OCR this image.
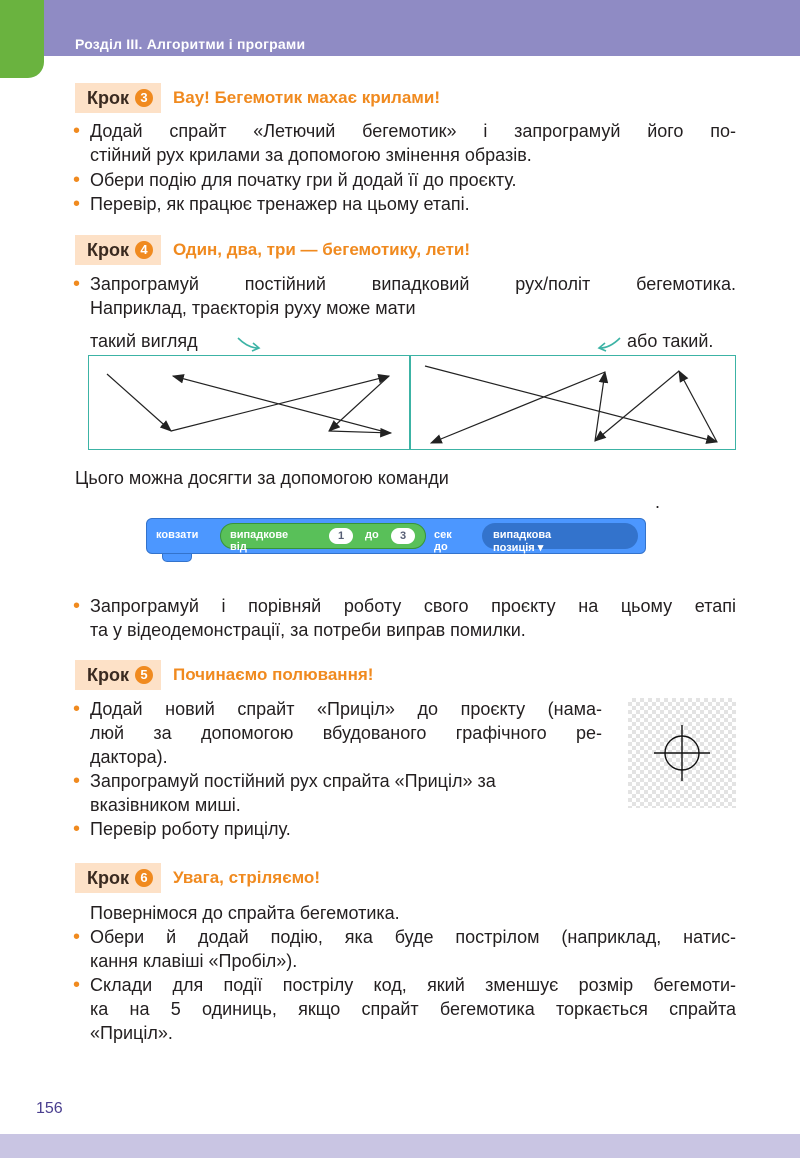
Розділ ІІІ. Алгоритми і програми
Крок 3	Вау! Бегемотик махає крилами!
• Додай спрайт «Летючий бегемотик» і запрограмуй його по-
стійний рух крилами за допомогою змінення образів.
• Обери подію для початку гри й додай її до проєкту.
• Перевір, як працює тренажер на цьому етапі.
Крок 4	Один, два, три — бегемотику, лети!
• Запрограмуй постійний випадковий рух/політ бегемотика.
Наприклад, траєкторія руху може мати
такий вигляд	або такий.
Цього можна досягти за допомогою команди
.
ковзати	випадкове від
1	до	3	сек до
випадкова позиція ▾
• Запрограмуй і порівняй роботу свого проєкту на цьому етапі
та у відеодемонстрації, за потреби виправ помилки.
Крок 5	Починаємо полювання!
• Додай новий спрайт «Приціл» до проєкту (нама-
люй за допомогою вбудованого графічного ре-
дактора).
• Запрограмуй постійний рух спрайта «Приціл» за
вказівником миші.
• Перевір роботу прицілу.
Крок 6	Увага, стріляємо!
Повернімося до спрайта бегемотика.
• Обери й додай подію, яка буде пострілом (наприклад, натис-
кання клавіші «Пробіл»).
• Склади для події пострілу код, який зменшує розмір бегемоти-
ка на 5 одиниць, якщо спрайт бегемотика торкається спрайта
«Приціл».
156
